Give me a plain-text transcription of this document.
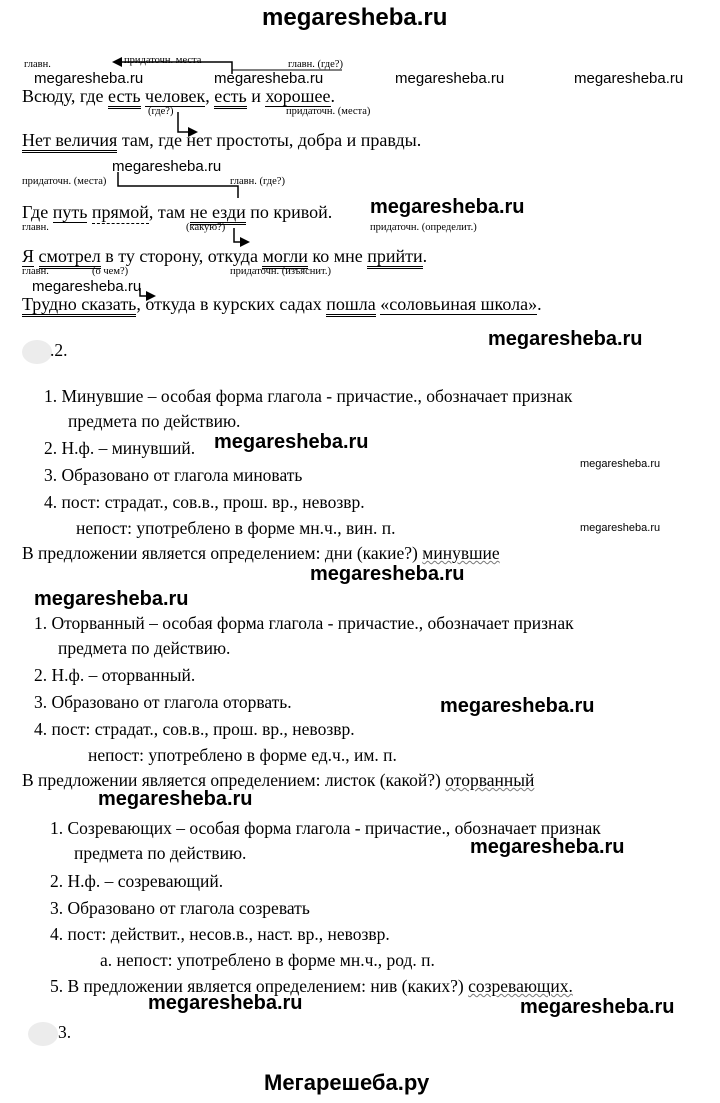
megaresheba.ru
главн.	придаточн. места	главн. (где?)
megaresheba.ru	megaresheba.ru	megaresheba.ru	megaresheba.ru
Всюду, где есть человек, есть и хорошее.
(где?)	придаточн. (места)
Нет величия там, где нет простоты, добра и правды.
megaresheba.ru
придаточн. (места)	главн. (где?)
Где путь прямой, там не езди по кривой. megaresheba.ru
главн.	(какую?)	придаточн. (определит.)
Я смотрел в ту сторону, откуда могли ко мне прийти.
главн.	(о чем?)	придаточн. (изъяснит.)
megaresheba.ru
Трудно сказать, откуда в курских садах пошла «соловьиная школа».
.2.	megaresheba.ru
1. Минувшие – особая форма глагола - причастие., обозначает признак
предмета по действию.
2. Н.ф. – минувший. megaresheba.ru
3. Образовано от глагола миновать
megaresheba.ru
4. пост: страдат., сов.в., прош. вр., невозвр.
непост: употреблено в форме мн.ч., вин. п.	megaresheba.ru
В предложении является определением: дни (какие?) минувшие
megaresheba.ru
megaresheba.ru
1. Оторванный – особая форма глагола - причастие., обозначает признак
предмета по действию.
2. Н.ф. – оторванный.
3. Образовано от глагола оторвать.	megaresheba.ru
4. пост: страдат., сов.в., прош. вр., невозвр.
непост: употреблено в форме ед.ч., им. п.
В предложении является определением: листок (какой?) оторванный
megaresheba.ru
1. Созревающих – особая форма глагола - причастие., обозначает признак
предмета по действию.	megaresheba.ru
2. Н.ф. – созревающий.
3. Образовано от глагола созревать
4. пост: действит., несов.в., наст. вр., невозвр.
a. непост: употреблено в форме мн.ч., род. п.
5. В предложении является определением: нив (каких?) созревающих.
megaresheba.ru	megaresheba.ru
3.
Мегарешеба.ру
